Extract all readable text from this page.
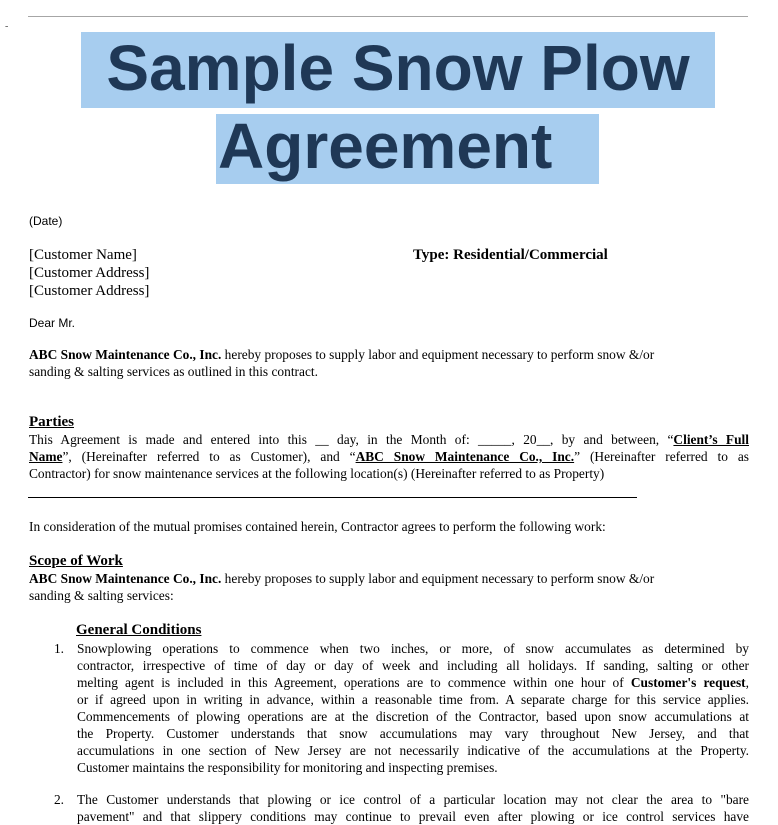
-
Sample Snow Plow
Agreement
(Date)
[Customer Name]
[Customer Address]
[Customer Address]
Type: Residential/Commercial
Dear Mr.
ABC Snow Maintenance Co., Inc. hereby proposes to supply labor and equipment necessary to perform snow &/or
sanding & salting services as outlined in this contract.
Parties
This Agreement is made and entered into this __ day, in the Month of: _____, 20__, by and between, “Client’s Full
Name”, (Hereinafter referred to as Customer), and “ABC Snow Maintenance Co., Inc.” (Hereinafter referred to as
Contractor) for snow maintenance services at the following location(s) (Hereinafter referred to as Property)
In consideration of the mutual promises contained herein, Contractor agrees to perform the following work:
Scope of Work
ABC Snow Maintenance Co., Inc. hereby proposes to supply labor and equipment necessary to perform snow &/or
sanding & salting services:
General Conditions
1. Snowplowing operations to commence when two inches, or more, of snow accumulates as determined by
contractor, irrespective of time of day or day of week and including all holidays. If sanding, salting or other
melting agent is included in this Agreement, operations are to commence within one hour of Customer's request,
or if agreed upon in writing in advance, within a reasonable time from. A separate charge for this service applies.
Commencements of plowing operations are at the discretion of the Contractor, based upon snow accumulations at
the Property. Customer understands that snow accumulations may vary throughout New Jersey, and that
accumulations in one section of New Jersey are not necessarily indicative of the accumulations at the Property.
Customer maintains the responsibility for monitoring and inspecting premises.
2. The Customer understands that plowing or ice control of a particular location may not clear the area to "bare
pavement" and that slippery conditions may continue to prevail even after plowing or ice control services have
